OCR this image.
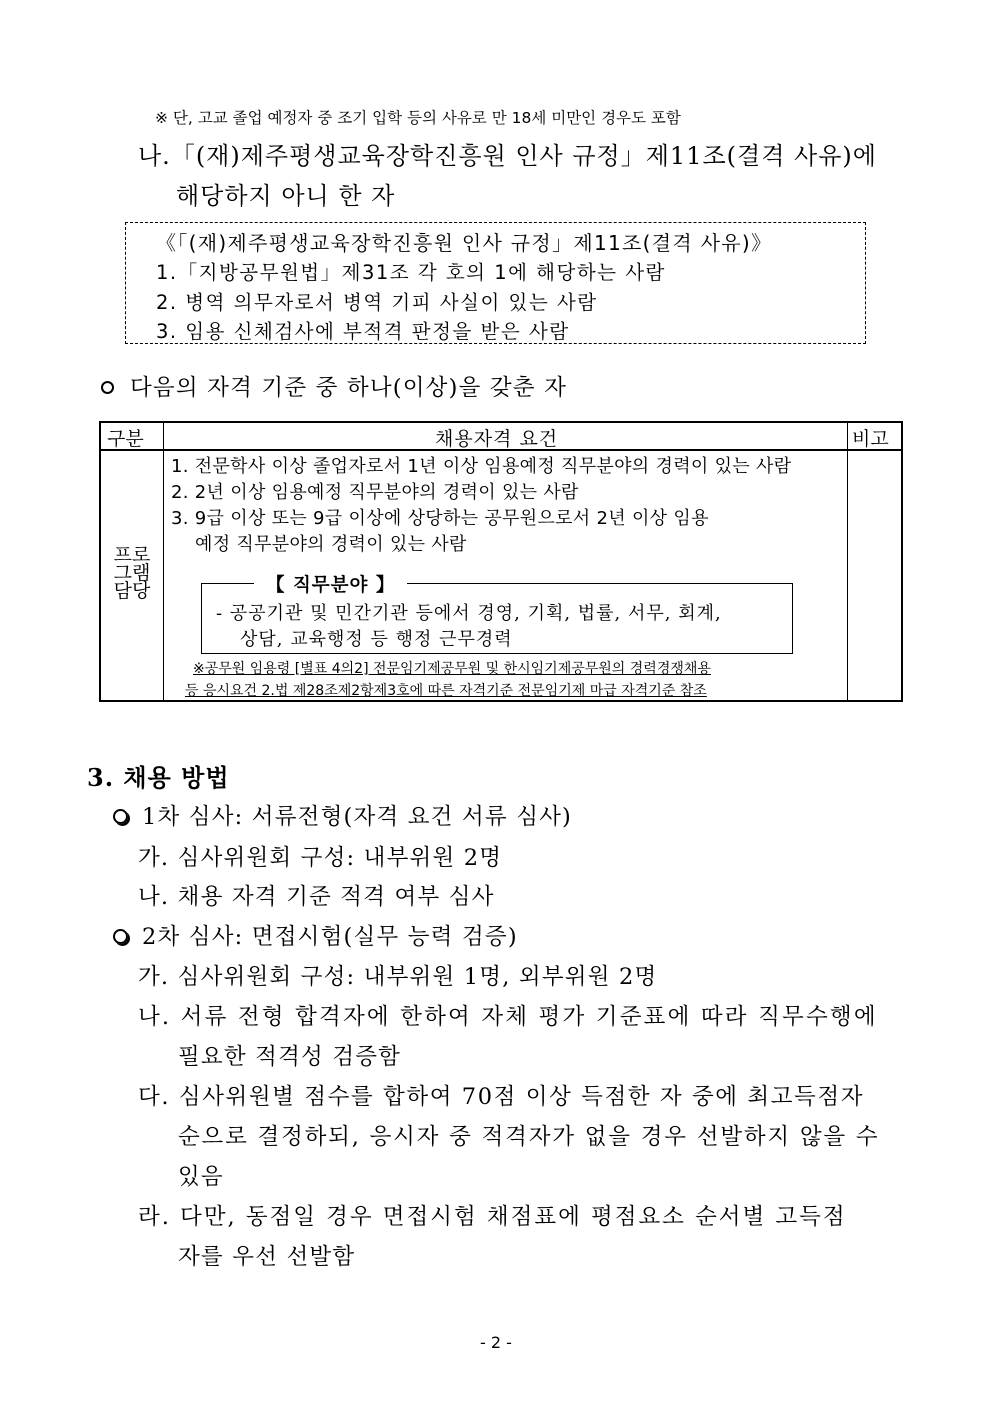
※ 단, 고교 졸업 예정자 중 조기 입학 등의 사유로 만 18세 미만인 경우도 포함
나.「(재)제주평생교육장학진흥원 인사 규정」제11조(결격 사유)에
해당하지 아니 한 자
《「(재)제주평생교육장학진흥원 인사 규정」제11조(결격 사유)》
1.「지방공무원법」제31조 각 호의 1에 해당하는 사람
2. 병역 의무자로서 병역 기피 사실이 있는 사람
3. 임용 신체검사에 부적격 판정을 받은 사람
다음의 자격 기준 중 하나(이상)을 갖춘 자
구분	채용자격 요건	비고
프로
그램
담당
1. 전문학사 이상 졸업자로서 1년 이상 임용예정 직무분야의 경력이 있는 사람
2. 2년 이상 임용예정 직무분야의 경력이 있는 사람
3. 9급 이상 또는 9급 이상에 상당하는 공무원으로서 2년 이상 임용
예정 직무분야의 경력이 있는 사람
【 직무분야 】
- 공공기관 및 민간기관 등에서 경영, 기획, 법률, 서무, 회계,
상담, 교육행정 등 행정 근무경력
※공무원 임용령 [별표 4의2] 전문임기제공무원 및 한시임기제공무원의 경력경쟁채용
등 응시요건 2.법 제28조제2항제3호에 따른 자격기준 전문임기제 마급 자격기준 참조
3. 채용 방법
1차 심사: 서류전형(자격 요건 서류 심사)
가. 심사위원회 구성: 내부위원 2명
나. 채용 자격 기준 적격 여부 심사
2차 심사: 면접시험(실무 능력 검증)
가. 심사위원회 구성: 내부위원 1명, 외부위원 2명
나. 서류 전형 합격자에 한하여 자체 평가 기준표에 따라 직무수행에
필요한 적격성 검증함
다. 심사위원별 점수를 합하여 70점 이상 득점한 자 중에 최고득점자
순으로 결정하되, 응시자 중 적격자가 없을 경우 선발하지 않을 수
있음
라. 다만, 동점일 경우 면접시험 채점표에 평점요소 순서별 고득점
자를 우선 선발함
- 2 -
